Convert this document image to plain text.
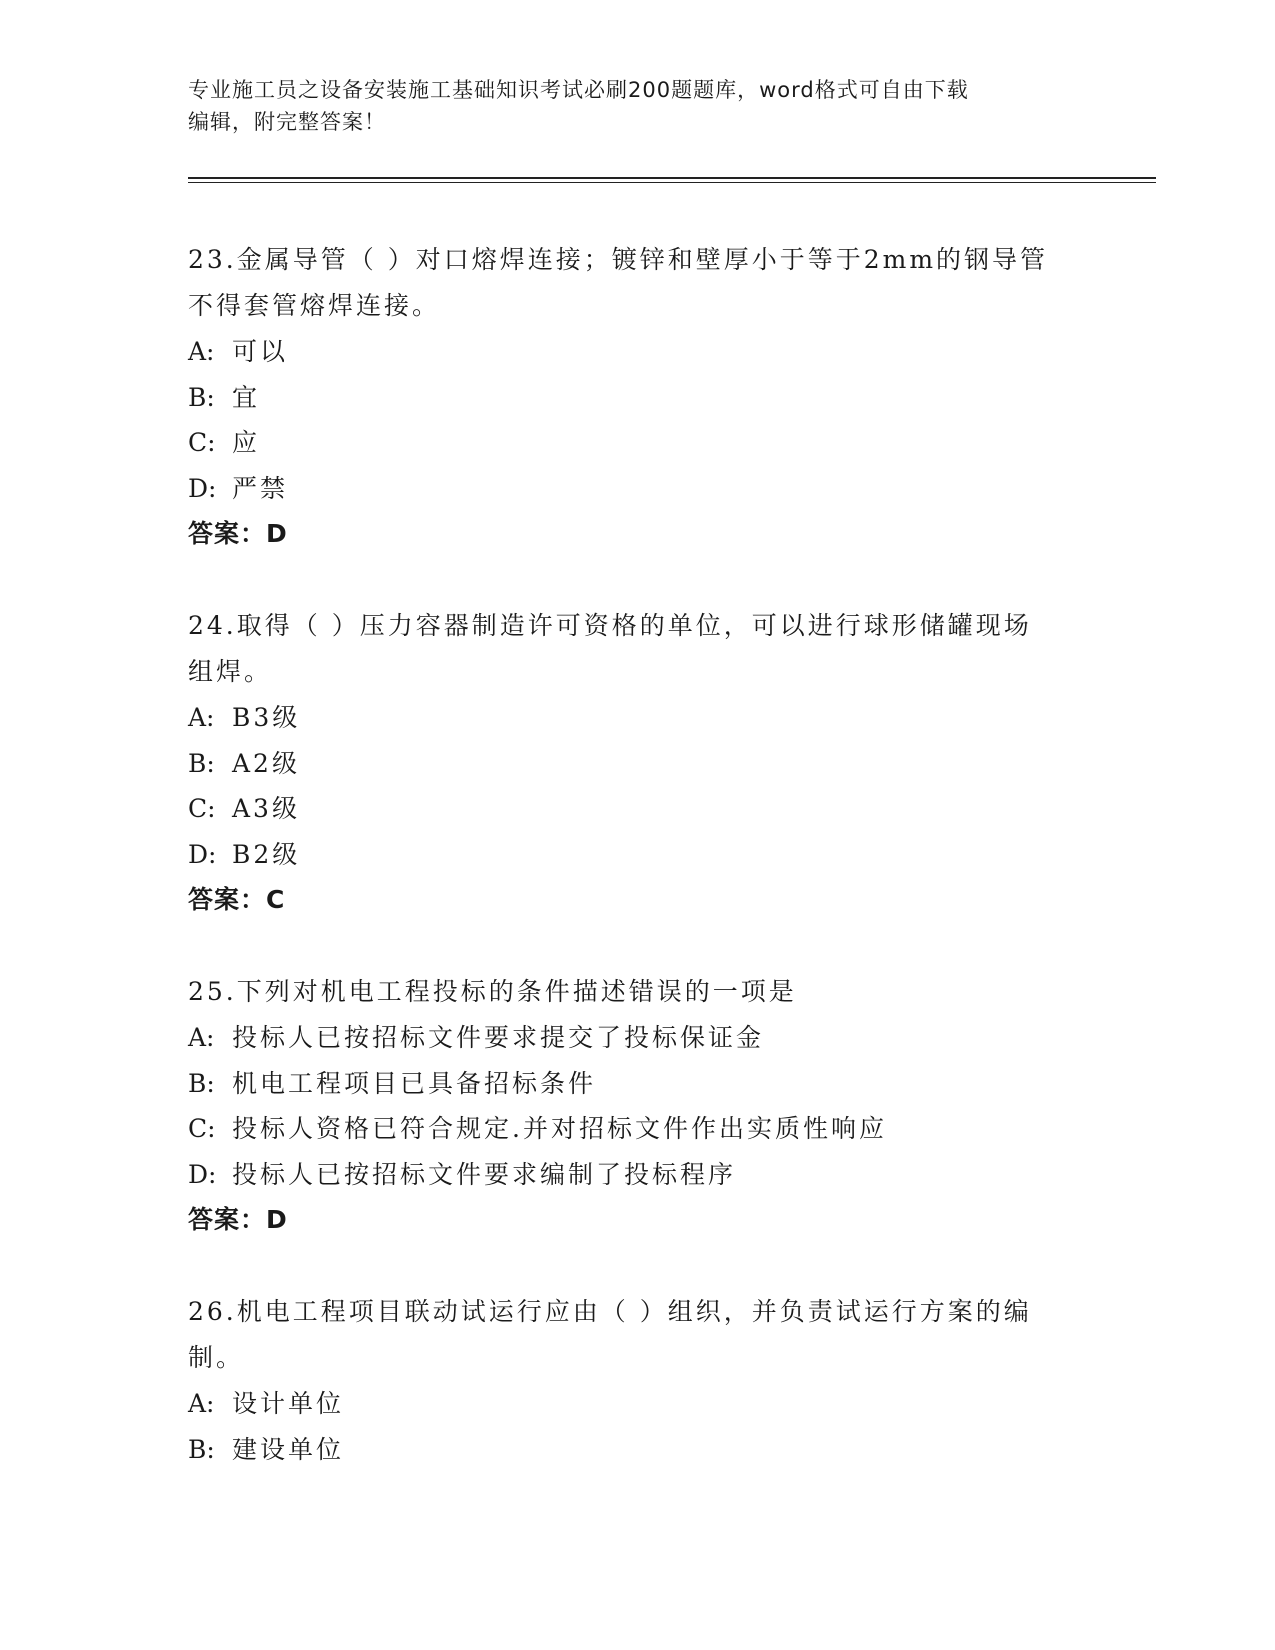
专业施工员之设备安装施工基础知识考试必刷200题题库，word格式可自由下载
编辑，附完整答案！

23.金属导管（ ）对口熔焊连接；镀锌和壁厚小于等于2mm的钢导管

不得套管熔焊连接。

A: 可以

B: 宜

C: 应

D: 严禁

答案：D

24.取得（ ）压力容器制造许可资格的单位，可以进行球形储罐现场

组焊。

A: B3级

B: A2级

C: A3级

D: B2级

答案：C

25.下列对机电工程投标的条件描述错误的一项是

A: 投标人已按招标文件要求提交了投标保证金

B: 机电工程项目已具备招标条件

C: 投标人资格已符合规定.并对招标文件作出实质性响应

D: 投标人已按招标文件要求编制了投标程序

答案：D

26.机电工程项目联动试运行应由（ ）组织，并负责试运行方案的编

制。

A: 设计单位

B: 建设单位
